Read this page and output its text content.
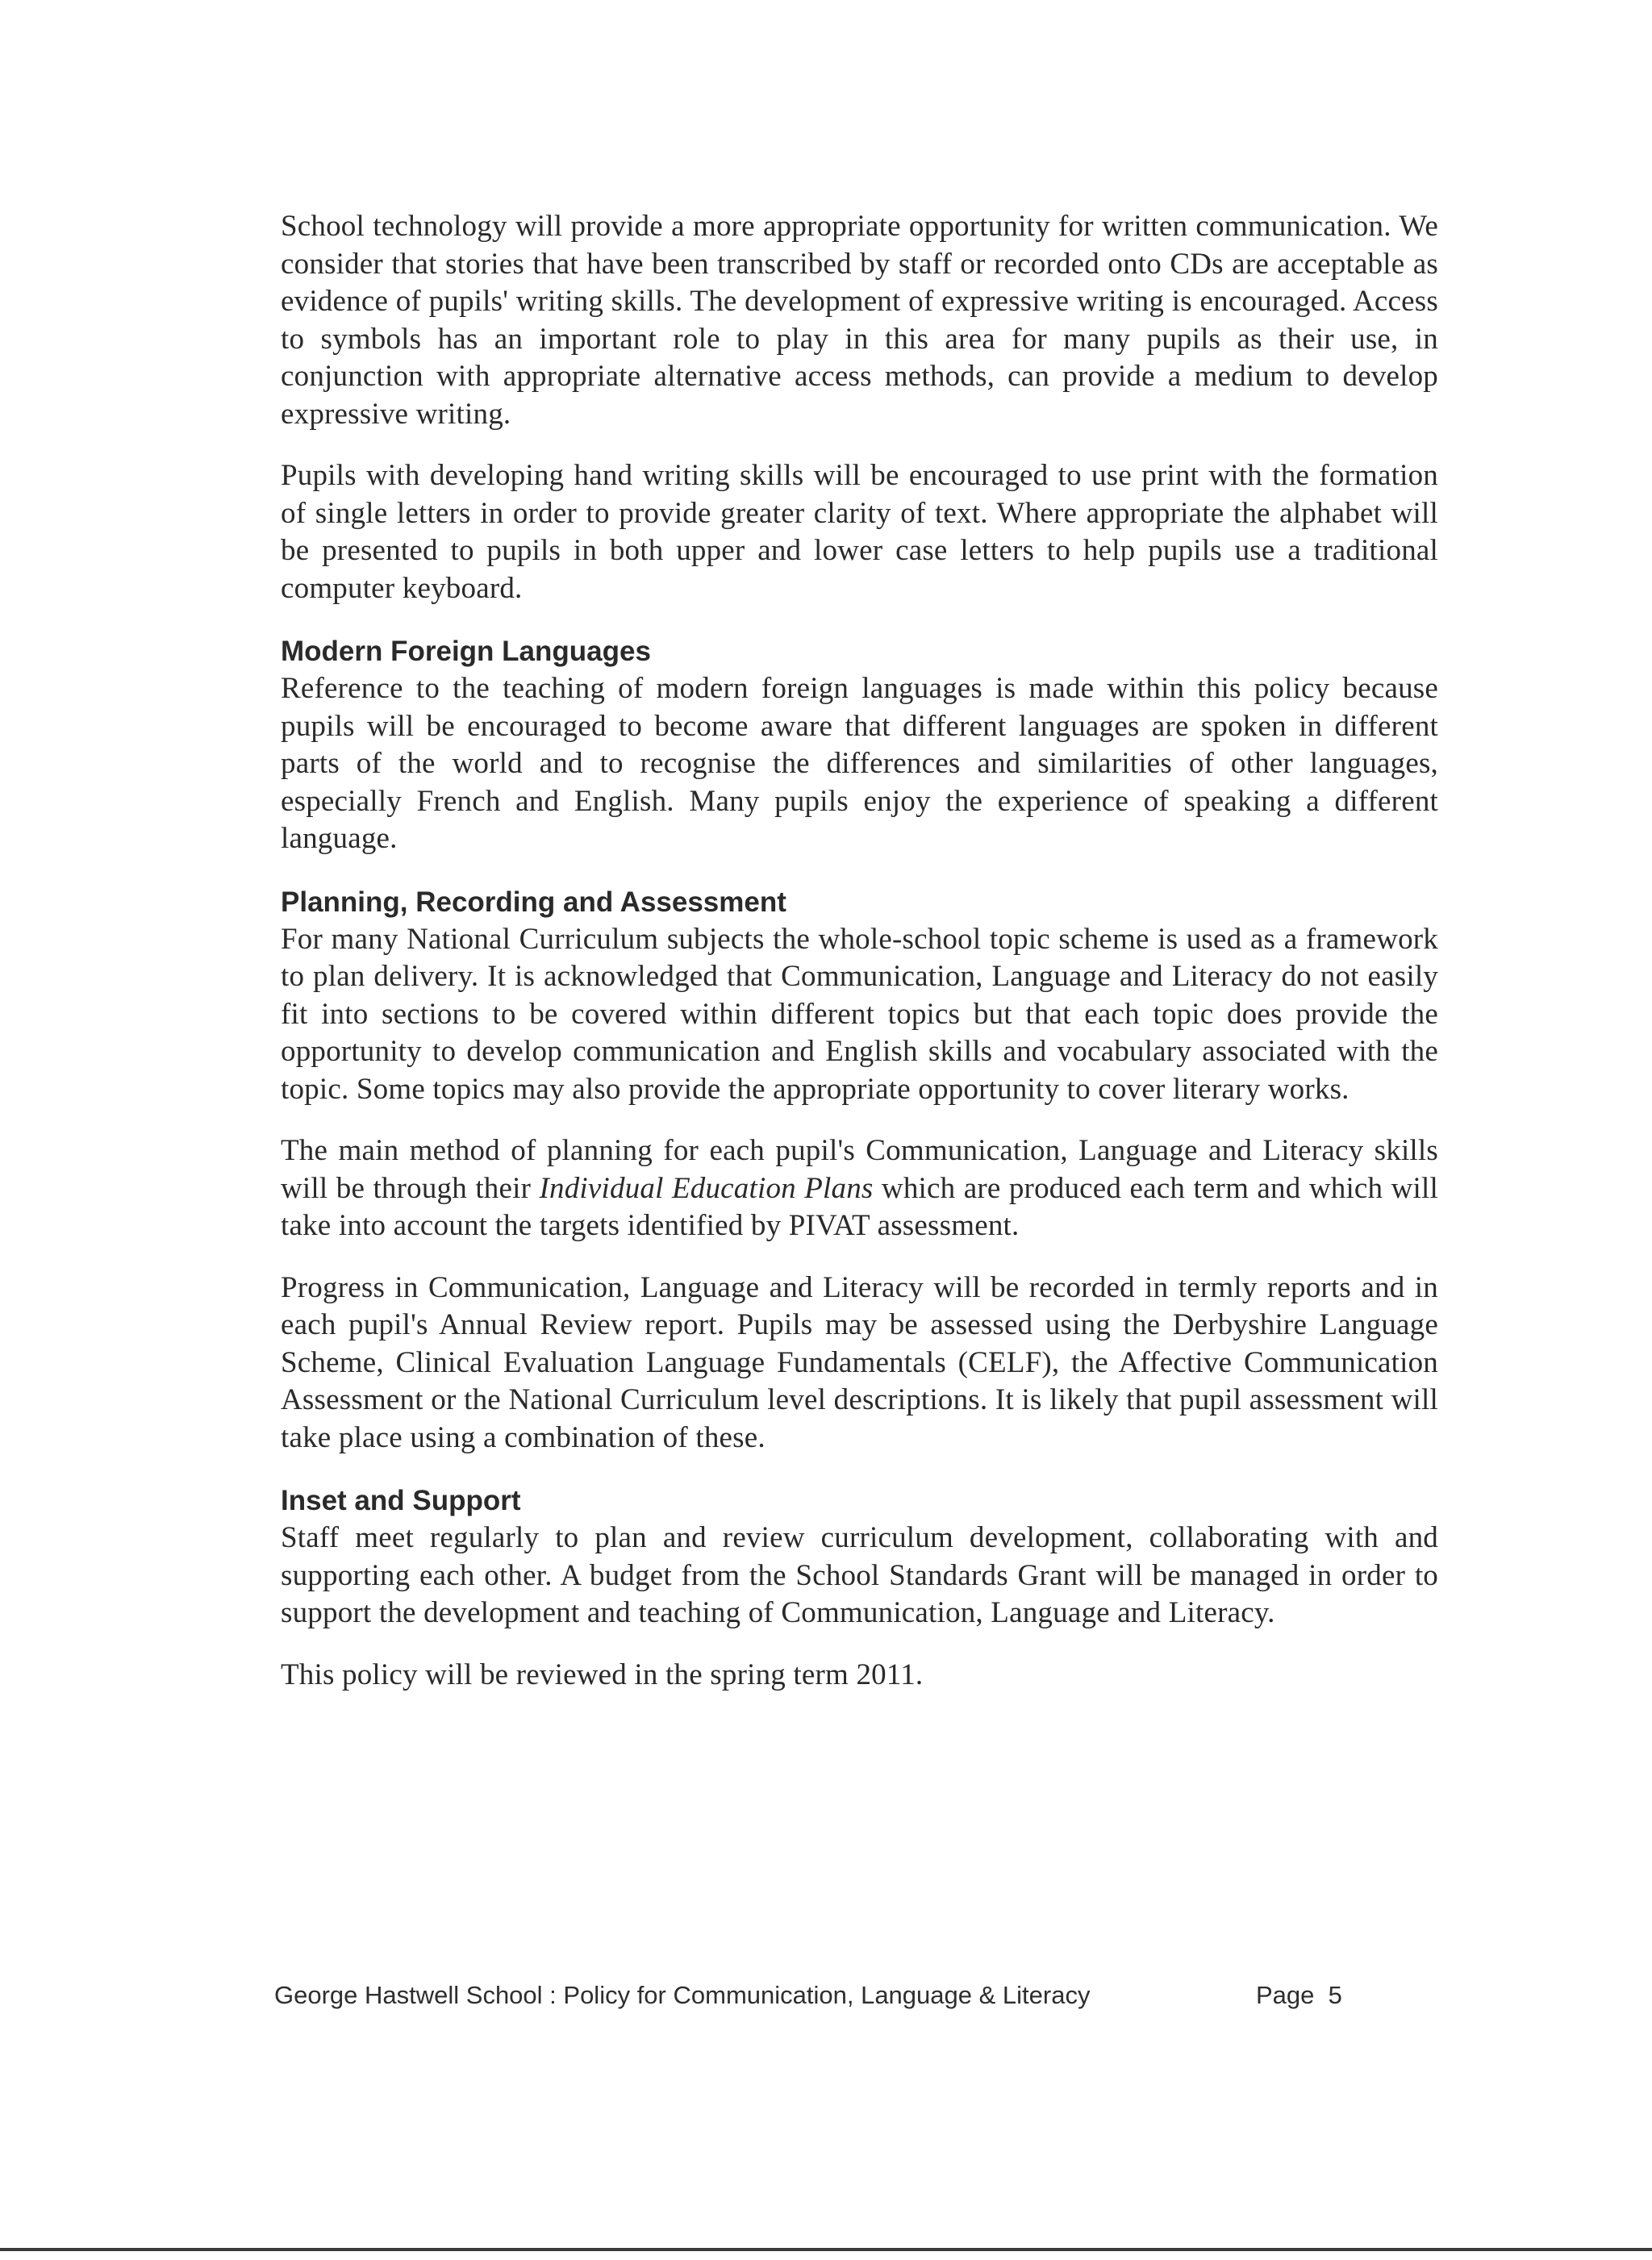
School technology will provide a more appropriate opportunity for written communication. We consider that stories that have been transcribed by staff or recorded onto CDs are acceptable as evidence of pupils' writing skills. The development of expressive writing is encouraged. Access to symbols has an important role to play in this area for many pupils as their use, in conjunction with appropriate alternative access methods, can provide a medium to develop expressive writing.

Pupils with developing hand writing skills will be encouraged to use print with the formation of single letters in order to provide greater clarity of text. Where appropriate the alphabet will be presented to pupils in both upper and lower case letters to help pupils use a traditional computer keyboard.

Modern Foreign Languages

Reference to the teaching of modern foreign languages is made within this policy because pupils will be encouraged to become aware that different languages are spoken in different parts of the world and to recognise the differences and similarities of other languages, especially French and English. Many pupils enjoy the experience of speaking a different language.

Planning, Recording and Assessment

For many National Curriculum subjects the whole-school topic scheme is used as a framework to plan delivery. It is acknowledged that Communication, Language and Literacy do not easily fit into sections to be covered within different topics but that each topic does provide the opportunity to develop communication and English skills and vocabulary associated with the topic. Some topics may also provide the appropriate opportunity to cover literary works.

The main method of planning for each pupil's Communication, Language and Literacy skills will be through their Individual Education Plans which are produced each term and which will take into account the targets identified by PIVAT assessment.

Progress in Communication, Language and Literacy will be recorded in termly reports and in each pupil's Annual Review report. Pupils may be assessed using the Derbyshire Language Scheme, Clinical Evaluation Language Fundamentals (CELF), the Affective Communication Assessment or the National Curriculum level descriptions. It is likely that pupil assessment will take place using a combination of these.

Inset and Support

Staff meet regularly to plan and review curriculum development, collaborating with and supporting each other. A budget from the School Standards Grant will be managed in order to support the development and teaching of Communication, Language and Literacy.

This policy will be reviewed in the spring term 2011.

George Hastwell School : Policy for Communication, Language & Literacy	Page 5
